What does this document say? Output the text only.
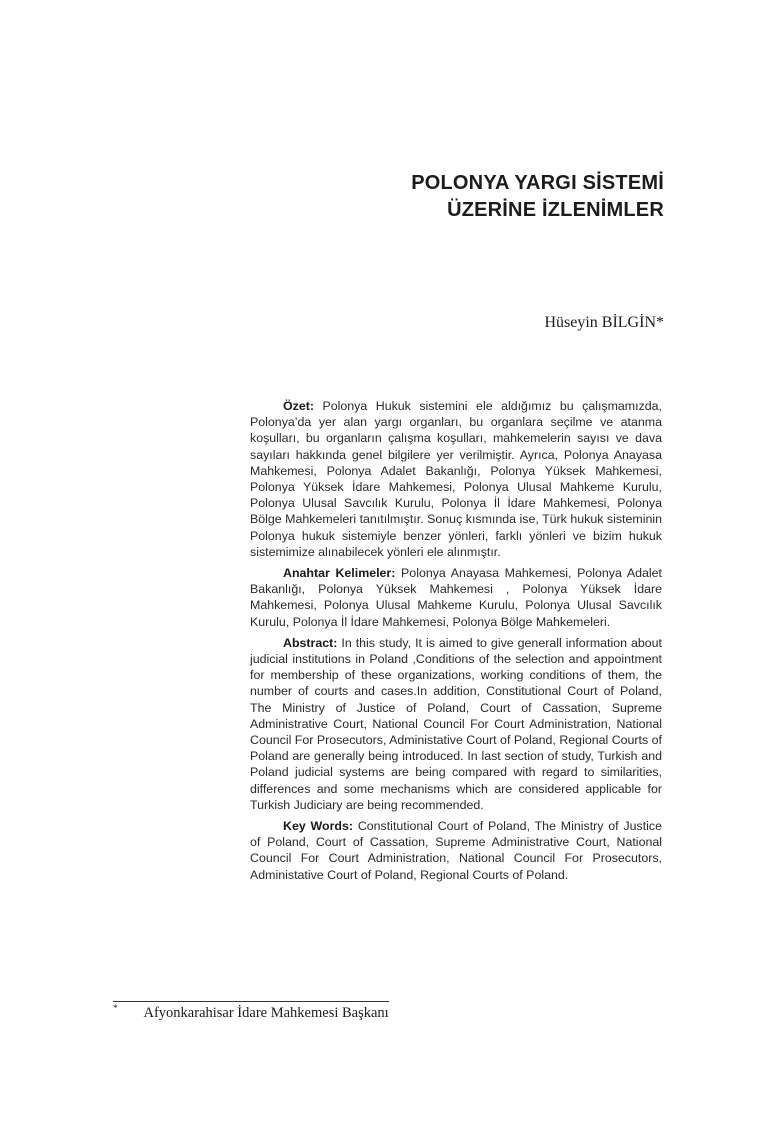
POLONYA YARGI SİSTEMİ
ÜZERİNE İZLENİMLER
Hüseyin BİLGİN*

Özet: Polonya Hukuk sistemini ele aldığımız bu çalışmamızda, Polonya’da yer alan yargı organları, bu organlara seçilme ve atanma koşulları, bu organların çalışma koşulları, mahkemelerin sayısı ve dava sayıları hakkında genel bilgilere yer verilmiştir. Ayrıca, Polonya Anayasa Mahkemesi, Polonya Adalet Bakanlığı, Polonya Yüksek Mahkemesi, Polonya Yüksek İdare Mahkemesi, Polonya Ulusal Mahkeme Kurulu, Polonya Ulusal Savcılık Kurulu, Polonya İl İdare Mahkemesi, Polonya Bölge Mahkemeleri tanıtılmıştır. Sonuç kısmında ise, Türk hukuk sisteminin Polonya hukuk sistemiyle benzer yönleri, farklı yönleri ve bizim hukuk sistemimize alınabilecek yönleri ele alınmıştır.

Anahtar Kelimeler: Polonya Anayasa Mahkemesi, Polonya Adalet Bakanlığı, Polonya Yüksek Mahkemesi , Polonya Yüksek İdare Mahkemesi, Polonya Ulusal Mahkeme Kurulu, Polonya Ulusal Savcılık Kurulu, Polonya İl İdare Mahkemesi, Polonya Bölge Mahkemeleri.

Abstract: In this study, It is aimed to give generall information about judicial institutions in Poland ,Conditions of the selection and appointment for membership of these organizations, working conditions of them, the number of courts and cases.In addition, Constitutional Court of Poland, The Ministry of Justice of Poland, Court of Cassation, Supreme Administrative Court, National Council For Court Administration, National Council For Prosecutors, Administative Court of Poland, Regional Courts of Poland are generally being introduced. In last section of study, Turkish and Poland judicial systems are being compared with regard to similarities, differences and some mechanisms which are considered applicable for Turkish Judiciary are being recommended.

Key Words: Constitutional Court of Poland, The Ministry of Justice of Poland, Court of Cassation, Supreme Administrative Court, National Council For Court Administration, National Council For Prosecutors, Administative Court of Poland, Regional Courts of Poland.

* Afyonkarahisar İdare Mahkemesi Başkanı
